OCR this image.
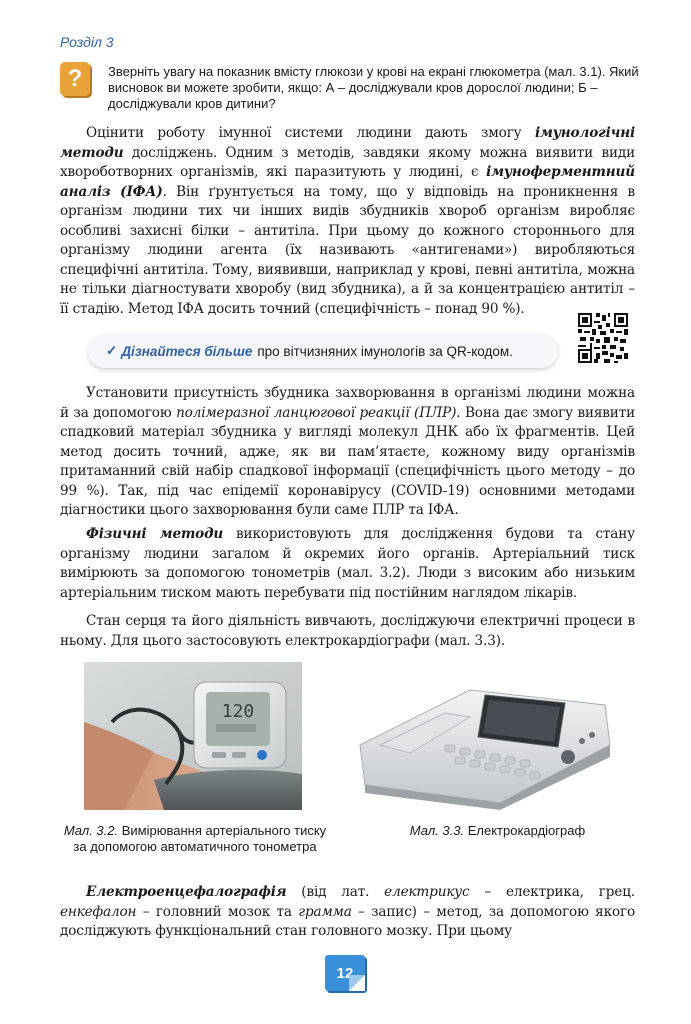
Розділ 3
?	Зверніть увагу на показник вмісту глюкози у крові на екрані глюкометра (мал. 3.1). Який висновок ви можете зробити, якщо: А – досліджували кров дорослої людини; Б – досліджували кров дитини?

Оцінити роботу імунної системи людини дають змогу імунологічні методи досліджень. Одним з методів, завдяки якому можна виявити види хвороботворних організмів, які паразитують у людині, є імуноферментний аналіз (ІФА). Він ґрунтується на тому, що у відповідь на проникнення в організм людини тих чи інших видів збудників хвороб організм виробляє особливі захисні білки – антитіла. При цьому до кожного стороннього для організму людини агента (їх називають «антигенами») виробляються специфічні антитіла. Тому, виявивши, наприклад у крові, певні антитіла, можна не тільки діагностувати хворобу (вид збудника), а й за концентрацією антитіл – її стадію. Метод ІФА досить точний (специфічність – понад 90 %).

✓ Дізнайтеся більше про вітчизняних імунологів за QR-кодом.

Установити присутність збудника захворювання в організмі людини можна й за допомогою полімеразної ланцюгової реакції (ПЛР). Вона дає змогу виявити спадковий матеріал збудника у вигляді молекул ДНК або їх фрагментів. Цей метод досить точний, адже, як ви пам’ятаєте, кожному виду організмів притаманний свій набір спадкової інформації (специфічність цього методу – до 99 %). Так, під час епідемії коронавірусу (COVID-19) основними методами діагностики цього захворювання були саме ПЛР та ІФА.

Фізичні методи використовують для дослідження будови та стану організму людини загалом й окремих його органів. Артеріальний тиск вимірюють за допомогою тонометрів (мал. 3.2). Люди з високим або низьким артеріальним тиском мають перебувати під постійним наглядом лікарів.

Стан серця та його діяльність вивчають, досліджуючи електричні процеси в ньому. Для цього застосовують електрокардіографи (мал. 3.3).

120
Мал. 3.2. Вимірювання артеріального тиску за допомогою автоматичного тонометра
Мал. 3.3. Електрокардіограф

Електроенцефалографія (від лат. електрикус – електрика, грец. енкефалон – головний мозок та грамма – запис) – метод, за допомогою якого досліджують функціональний стан головного мозку. При цьому

12
